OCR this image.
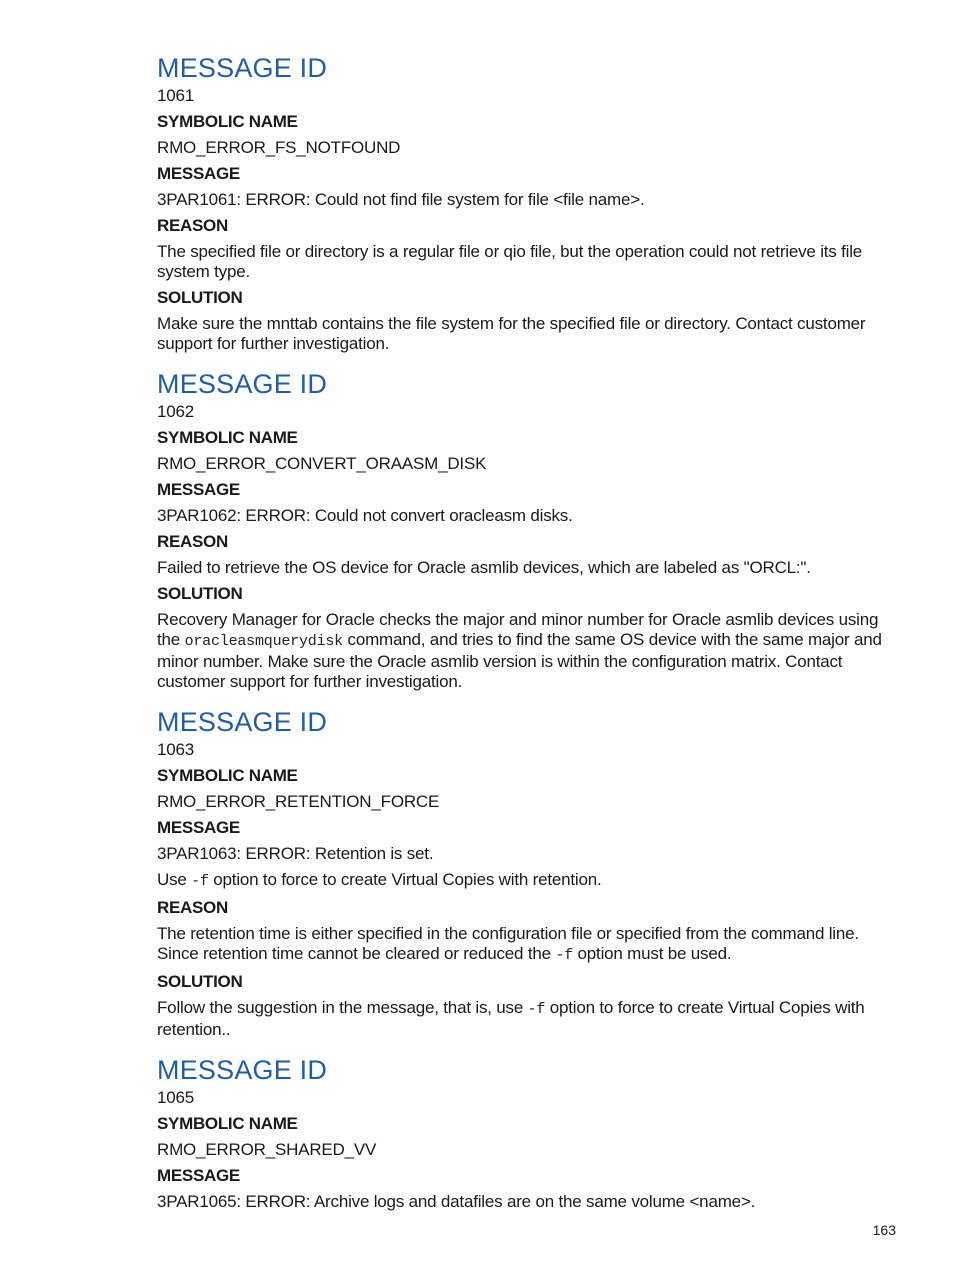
MESSAGE ID
1061
SYMBOLIC NAME
RMO_ERROR_FS_NOTFOUND
MESSAGE
3PAR1061: ERROR: Could not find file system for file <file name>.
REASON
The specified file or directory is a regular file or qio file, but the operation could not retrieve its file system type.
SOLUTION
Make sure the mnttab contains the file system for the specified file or directory. Contact customer support for further investigation.
MESSAGE ID
1062
SYMBOLIC NAME
RMO_ERROR_CONVERT_ORAASM_DISK
MESSAGE
3PAR1062: ERROR: Could not convert oracleasm disks.
REASON
Failed to retrieve the OS device for Oracle asmlib devices, which are labeled as "ORCL:".
SOLUTION
Recovery Manager for Oracle checks the major and minor number for Oracle asmlib devices using the oracleasmquerydisk command, and tries to find the same OS device with the same major and minor number. Make sure the Oracle asmlib version is within the configuration matrix. Contact customer support for further investigation.
MESSAGE ID
1063
SYMBOLIC NAME
RMO_ERROR_RETENTION_FORCE
MESSAGE
3PAR1063: ERROR: Retention is set.
Use -f option to force to create Virtual Copies with retention.
REASON
The retention time is either specified in the configuration file or specified from the command line. Since retention time cannot be cleared or reduced the -f option must be used.
SOLUTION
Follow the suggestion in the message, that is, use -f option to force to create Virtual Copies with retention..
MESSAGE ID
1065
SYMBOLIC NAME
RMO_ERROR_SHARED_VV
MESSAGE
3PAR1065: ERROR: Archive logs and datafiles are on the same volume <name>.
163
